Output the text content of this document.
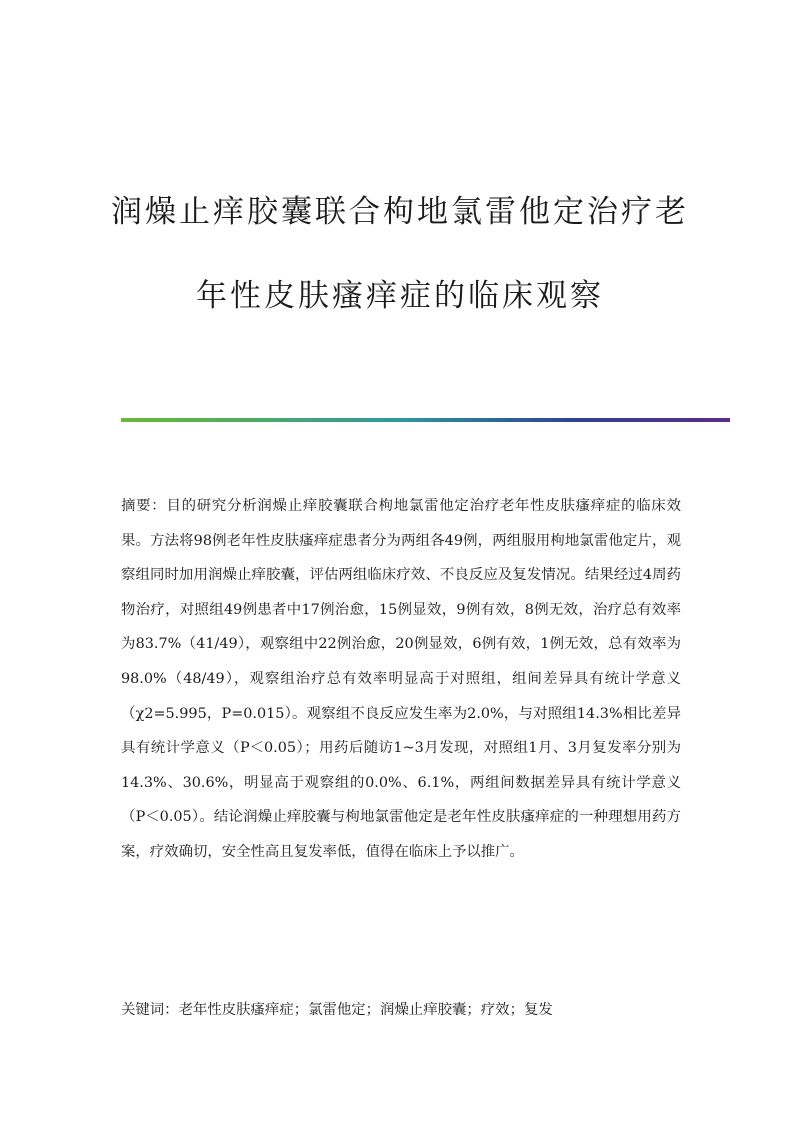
润燥止痒胶囊联合枸地氯雷他定治疗老
年性皮肤瘙痒症的临床观察

摘要：目的研究分析润燥止痒胶囊联合枸地氯雷他定治疗老年性皮肤瘙痒症的临床效果。方法将98例老年性皮肤瘙痒症患者分为两组各49例，两组服用枸地氯雷他定片，观察组同时加用润燥止痒胶囊，评估两组临床疗效、不良反应及复发情况。结果经过4周药物治疗，对照组49例患者中17例治愈，15例显效，9例有效，8例无效，治疗总有效率为83.7%（41/49），观察组中22例治愈，20例显效，6例有效，1例无效，总有效率为98.0%（48/49），观察组治疗总有效率明显高于对照组，组间差异具有统计学意义（χ2=5.995，P=0.015）。观察组不良反应发生率为2.0%，与对照组14.3%相比差异具有统计学意义（P＜0.05）；用药后随访1~3月发现，对照组1月、3月复发率分别为14.3%、30.6%，明显高于观察组的0.0%、6.1%，两组间数据差异具有统计学意义（P＜0.05）。结论润燥止痒胶囊与枸地氯雷他定是老年性皮肤瘙痒症的一种理想用药方案，疗效确切，安全性高且复发率低，值得在临床上予以推广。

关键词：老年性皮肤瘙痒症；氯雷他定；润燥止痒胶囊；疗效；复发
